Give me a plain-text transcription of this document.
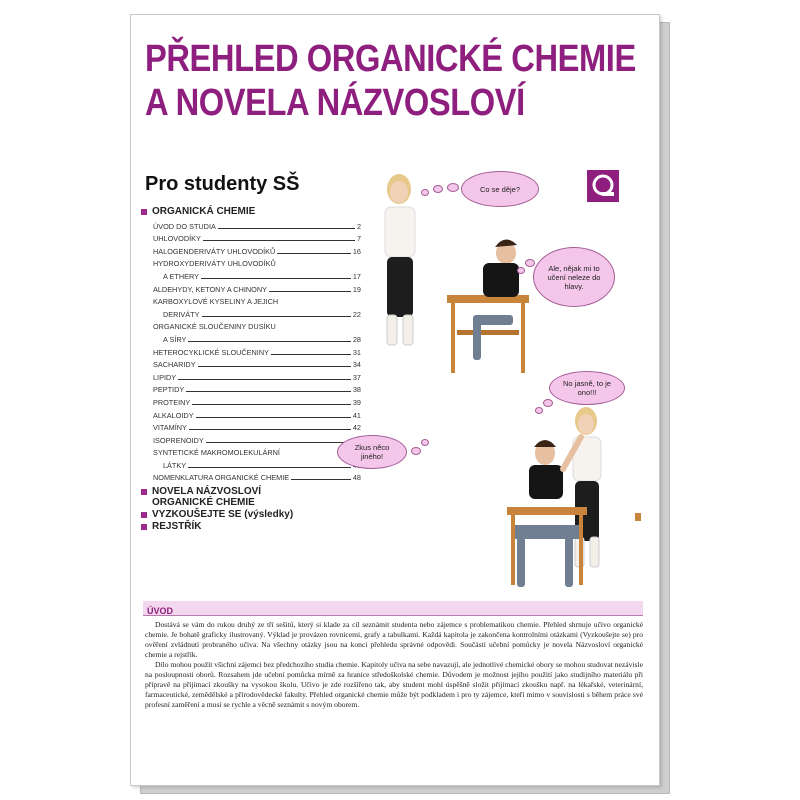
PŘEHLED ORGANICKÉ CHEMIE
A NOVELA NÁZVOSLOVÍ
Pro studenty SŠ
ORGANICKÁ CHEMIE
ÚVOD DO STUDIA	2
UHLOVODÍKY	7
HALOGENDERIVÁTY UHLOVODÍKŮ	16
HYDROXYDERIVÁTY UHLOVODÍKŮ
A ETHERY	17
ALDEHYDY, KETONY A CHINONY	19
KARBOXYLOVÉ KYSELINY A JEJICH
DERIVÁTY	22
ORGANICKÉ SLOUČENINY DUSÍKU
A SÍRY	28
HETEROCYKLICKÉ SLOUČENINY	31
SACHARIDY	34
LIPIDY	37
PEPTIDY	38
PROTEINY	39
ALKALOIDY	41
VITAMÍNY	42
ISOPRENOIDY
SYNTETICKÉ MAKROMOLEKULÁRNÍ
LÁTKY
NOMENKLATURA ORGANICKÉ CHEMIE	48
NOVELA NÁZVOSLOVÍ
ORGANICKÉ CHEMIE
VYZKOUŠEJTE SE (výsledky)
REJSTŘÍK
Co se děje?
Ale, nějak mi to učení neleze do hlavy.
No jasně, to je ono!!!
Zkus něco jiného!
ÚVOD

Dostává se vám do rukou druhý ze tří sešitů, který si klade za cíl seznámit studenta nebo zájemce s problematikou chemie. Přehled shrnuje učivo organické chemie. Je bohatě graficky ilustrovaný. Výklad je provázen rovnicemi, grafy a tabulkami. Každá kapitola je zakončena kontrolními otázkami (Vyzkoušejte se) pro ověření zvládnutí probraného učiva. Na všechny otázky jsou na konci přehledu správné odpovědi. Součástí učební pomůcky je novela Názvosloví organické chemie a rejstřík.

Dílo mohou použít všichni zájemci bez předchozího studia chemie. Kapitoly učiva na sebe navazují, ale jednotlivé chemické obory se mohou studovat nezávisle na posloupnosti oborů. Rozsahem jde učební pomůcka mírně za hranice středoškolské chemie. Důvodem je možnost jejího použití jako studijního materiálu při přípravě na přijímací zkoušky na vysokou školu. Učivo je zde rozšířeno tak, aby student mohl úspěšně složit přijímací zkoušku např. na lékařské, veterinární, farmaceutické, zemědělské a přírodovědecké fakulty. Přehled organické chemie může být podkladem i pro ty zájemce, kteří mimo v souvislosti s během práce své profesní zaměření a musí se rychle a věcně seznámit s novým oborem.
